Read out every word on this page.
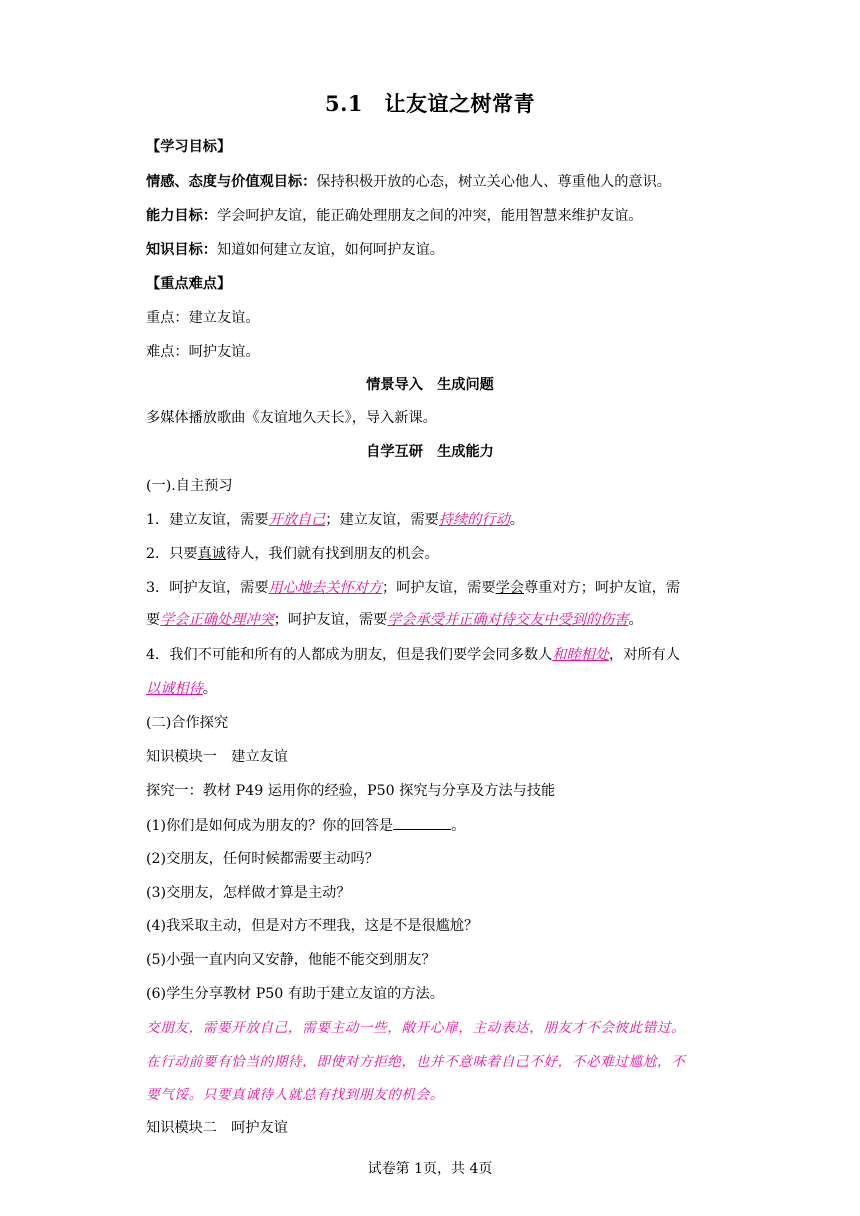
5.1　让友谊之树常青
【学习目标】
情感、态度与价值观目标：保持积极开放的心态，树立关心他人、尊重他人的意识。
能力目标：学会呵护友谊，能正确处理朋友之间的冲突，能用智慧来维护友谊。
知识目标：知道如何建立友谊，如何呵护友谊。
【重点难点】
重点：建立友谊。
难点：呵护友谊。
情景导入　生成问题
多媒体播放歌曲《友谊地久天长》，导入新课。
自学互研　生成能力
(一).自主预习
1．建立友谊，需要开放自己；建立友谊，需要持续的行动。
2．只要真诚待人，我们就有找到朋友的机会。
3．呵护友谊，需要用心地去关怀对方；呵护友谊，需要学会尊重对方；呵护友谊，需
要学会正确处理冲突；呵护友谊，需要学会承受并正确对待交友中受到的伤害。
4．我们不可能和所有的人都成为朋友，但是我们要学会同多数人和睦相处，对所有人
以诚相待。
(二)合作探究
知识模块一　建立友谊
探究一：教材 P49 运用你的经验，P50 探究与分享及方法与技能
(1)你们是如何成为朋友的？你的回答是	。
(2)交朋友，任何时候都需要主动吗？
(3)交朋友，怎样做才算是主动？
(4)我采取主动，但是对方不理我，这是不是很尴尬？
(5)小强一直内向又安静，他能不能交到朋友？
(6)学生分享教材 P50 有助于建立友谊的方法。
交朋友，需要开放自己，需要主动一些，敞开心扉，主动表达，朋友才不会彼此错过。
在行动前要有恰当的期待，即使对方拒绝，也并不意味着自己不好，不必难过尴尬，不
要气馁。只要真诚待人就总有找到朋友的机会。
知识模块二　呵护友谊
试卷第 1页，共 4页
